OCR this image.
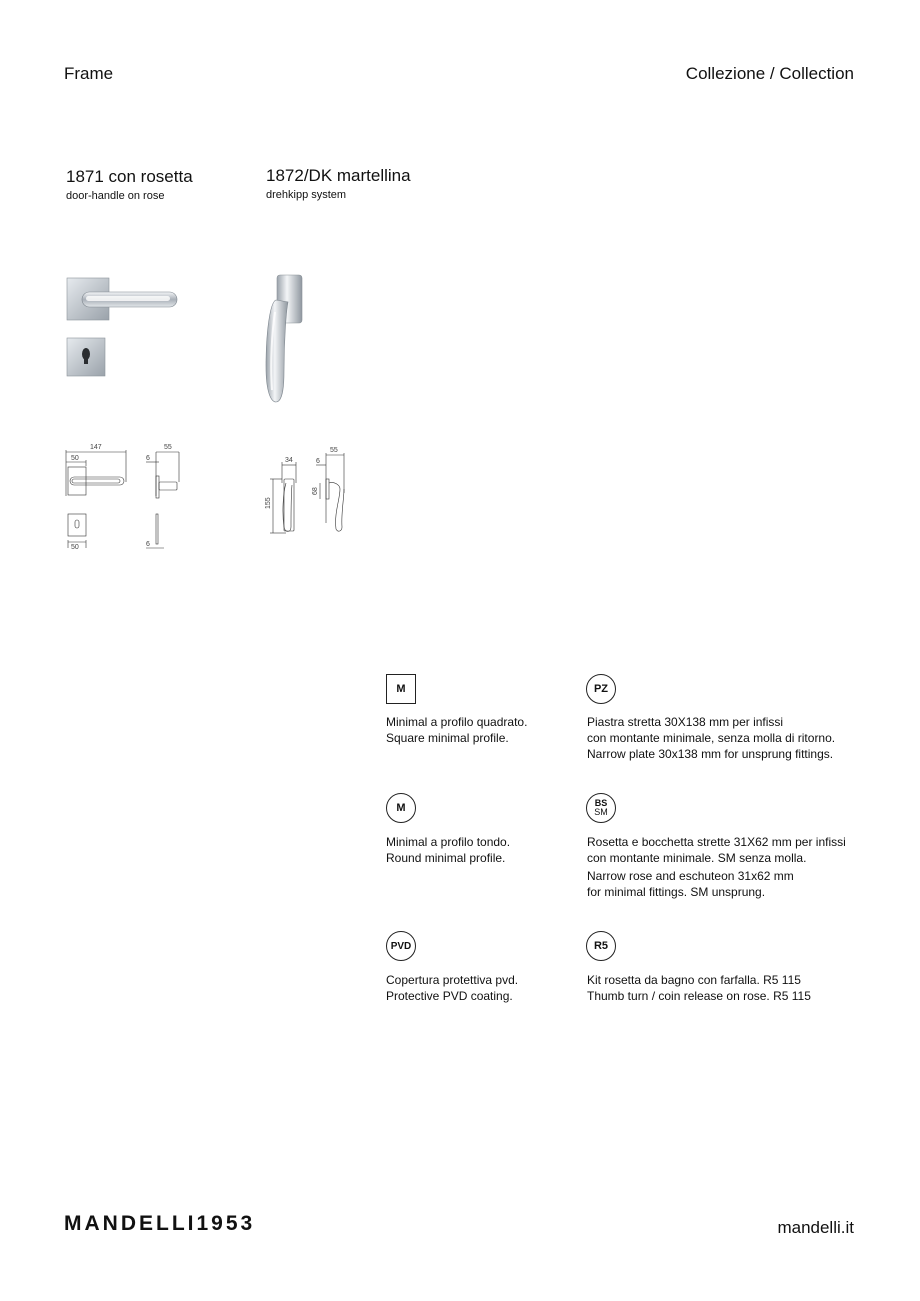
Frame	Collezione / Collection
1871 con rosetta
door-handle on rose
1872/DK martellina
drehkipp system
147
50
55
6
50	6
34
155
55
6
68
M
Minimal a profilo quadrato.
Square minimal profile.
PZ
Piastra stretta 30X138 mm per infissi
con montante minimale, senza molla di ritorno.
Narrow plate 30x138 mm for unsprung fittings.
M
Minimal a profilo tondo.
Round minimal profile.
BS
SM
Rosetta e bocchetta strette 31X62 mm per infissi
con montante minimale. SM senza molla.
Narrow rose and eschuteon 31x62 mm
for minimal fittings. SM unsprung.
PVD
Copertura protettiva pvd.
Protective PVD coating.
R5
Kit rosetta da bagno con farfalla. R5 115
Thumb turn / coin release on rose. R5 115
MANDELLI1953	mandelli.it
